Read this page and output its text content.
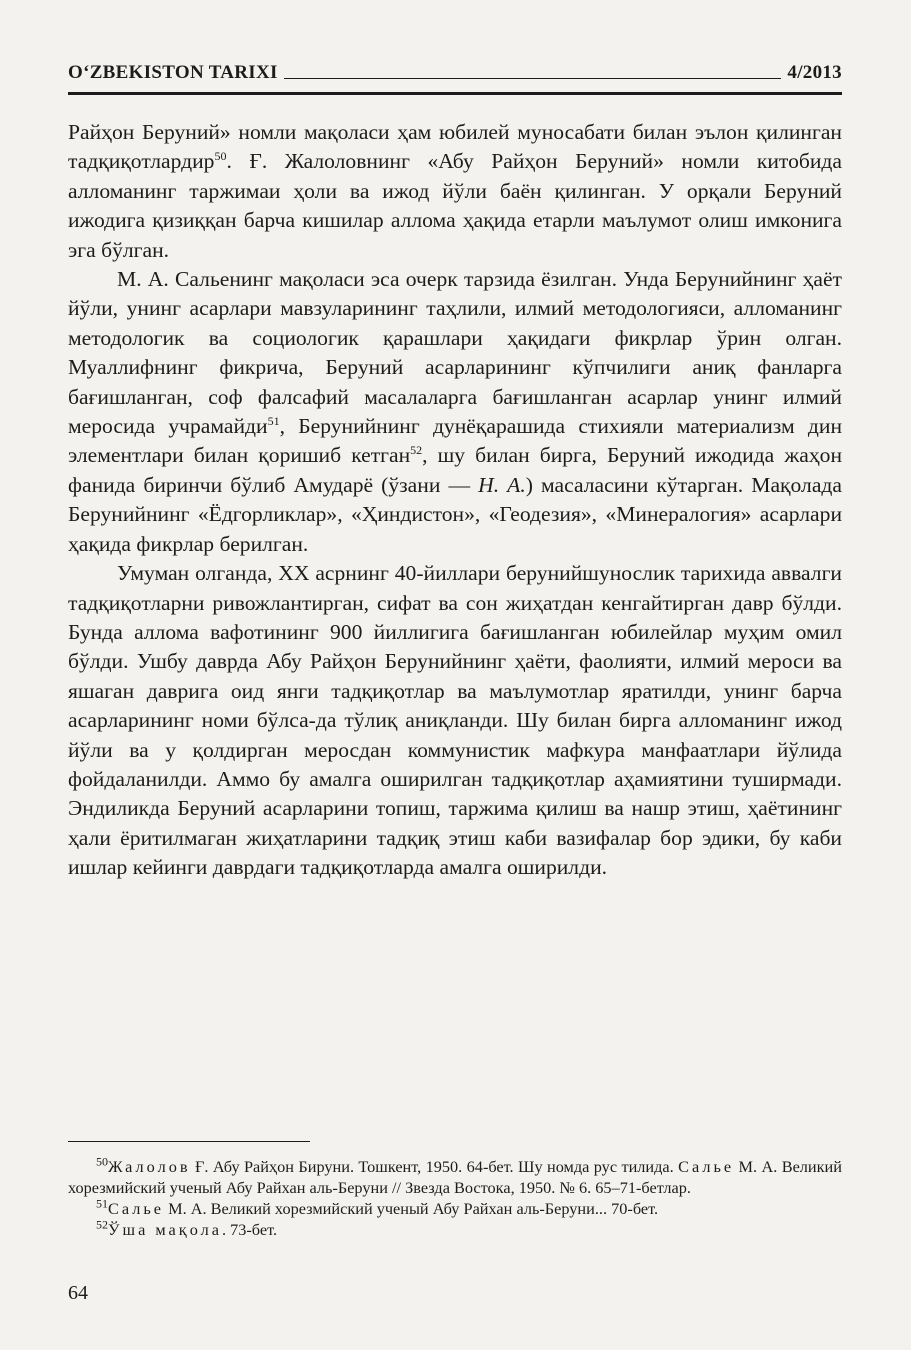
O‘ZBEKISTON TARIXI	4/2013

Райҳон Беруний» номли мақоласи ҳам юбилей муносабати билан эълон қилинган тадқиқотлардир$^{50}$. Ғ. Жалоловнинг «Абу Райҳон Беруний» номли китобида алломанинг таржимаи ҳоли ва ижод йўли баён қилинган. У орқали Беруний ижодига қизиққан барча кишилар аллома ҳақида етарли маълумот олиш имконига эга бўлган.

М. А. Сальенинг мақоласи эса очерк тарзида ёзилган. Унда Берунийнинг ҳаёт йўли, унинг асарлари мавзуларининг таҳлили, илмий методологияси, алломанинг методологик ва социологик қарашлари ҳақидаги фикрлар ўрин олган. Муаллифнинг фикрича, Беруний асарларининг кўпчилиги аниқ фанларга бағишланган, соф фалсафий масалаларга бағишланган асарлар унинг илмий меросида учрамайди$^{51}$, Берунийнинг дунёқарашида стихияли материализм дин элементлари билан қоришиб кетган$^{52}$, шу билан бирга, Беруний ижодида жаҳон фанида биринчи бўлиб Амударё (ўзани — Н. А.) масаласини кўтарган. Мақолада Берунийнинг «Ёдгорликлар», «Ҳиндистон», «Геодезия», «Минералогия» асарлари ҳақида фикрлар берилган.

Умуман олганда, XX асрнинг 40-йиллари берунийшунослик тарихида аввалги тадқиқотларни ривожлантирган, сифат ва сон жиҳатдан кенгайтирган давр бўлди. Бунда аллома вафотининг 900 йиллигига бағишланган юбилейлар муҳим омил бўлди. Ушбу даврда Абу Райҳон Берунийнинг ҳаёти, фаолияти, илмий мероси ва яшаган даврига оид янги тадқиқотлар ва маълумотлар яратилди, унинг барча асарларининг номи бўлса-да тўлиқ аниқланди. Шу билан бирга алломанинг ижод йўли ва у қолдирган меросдан коммунистик мафкура манфаатлари йўлида фойдаланилди. Аммо бу амалга оширилган тадқиқотлар аҳамиятини туширмади. Эндиликда Беруний асарларини топиш, таржима қилиш ва нашр этиш, ҳаётининг ҳали ёритилмаган жиҳатларини тадқиқ этиш каби вазифалар бор эдики, бу каби ишлар кейинги даврдаги тадқиқотларда амалга оширилди.

$^{50}$Жалолов Ғ. Абу Райҳон Бируни. Тошкент, 1950. 64-бет. Шу номда рус тилида. Салье М. А. Великий хорезмийский ученый Абу Райхан аль-Беруни // Звезда Востока, 1950. № 6. 65–71-бетлар.

$^{51}$Салье М. А. Великий хорезмийский ученый Абу Райхан аль-Беруни... 70-бет.

$^{52}$Ўша мақола. 73-бет.

64
